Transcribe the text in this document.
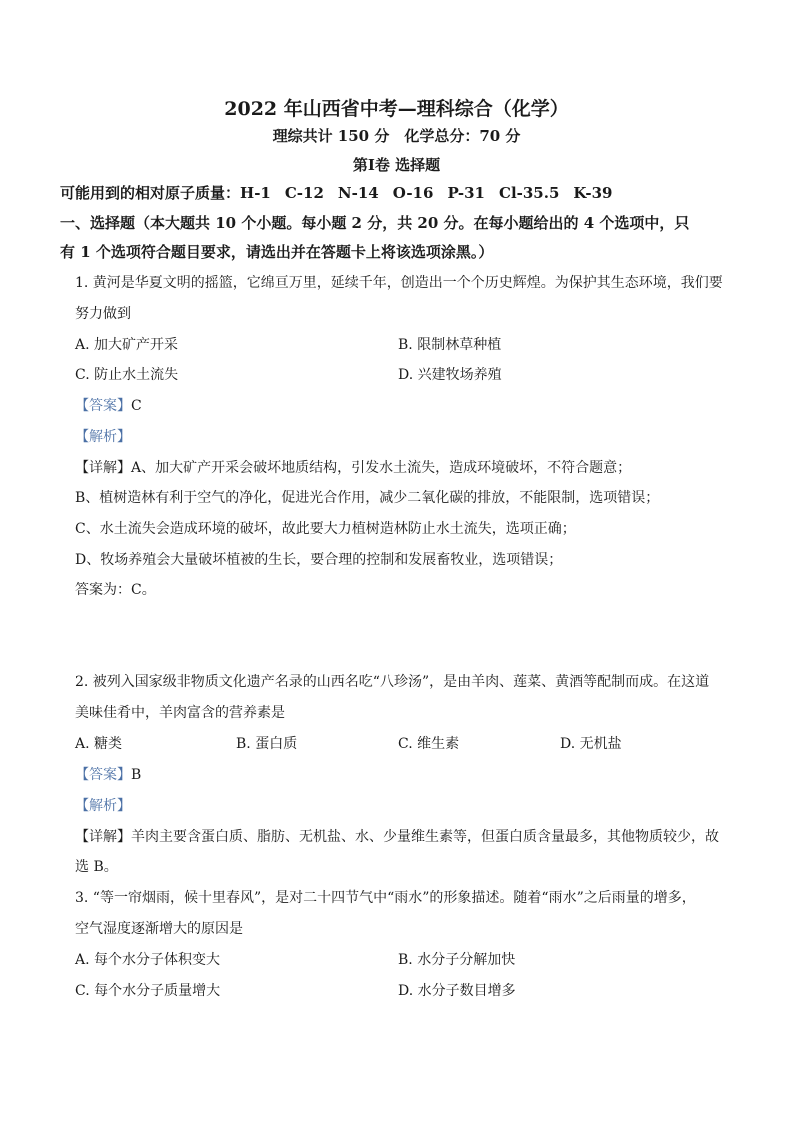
2022 年山西省中考—理科综合（化学）
理综共计 150 分　化学总分：70 分
第I卷 选择题
可能用到的相对原子质量：H-1 C-12 N-14 O-16 P-31 Cl-35.5 K-39
一、选择题（本大题共 10 个小题。每小题 2 分，共 20 分。在每小题给出的 4 个选项中，只
有 1 个选项符合题目要求，请选出并在答题卡上将该选项涂黑。）
1. 黄河是华夏文明的摇篮，它绵亘万里，延续千年，创造出一个个历史辉煌。为保护其生态环境，我们要
努力做到
A. 加大矿产开采	B. 限制林草种植
C. 防止水土流失	D. 兴建牧场养殖
【答案】C
【解析】
【详解】A、加大矿产开采会破坏地质结构，引发水土流失，造成环境破坏，不符合题意；
B、植树造林有利于空气的净化，促进光合作用，减少二氧化碳的排放，不能限制，选项错误；
C、水土流失会造成环境的破坏，故此要大力植树造林防止水土流失，选项正确；
D、牧场养殖会大量破坏植被的生长，要合理的控制和发展畜牧业，选项错误；
答案为：C。
2. 被列入国家级非物质文化遗产名录的山西名吃“八珍汤”，是由羊肉、莲菜、黄酒等配制而成。在这道
美味佳肴中，羊肉富含的营养素是
A. 糖类	B. 蛋白质	C. 维生素	D. 无机盐
【答案】B
【解析】
【详解】羊肉主要含蛋白质、脂肪、无机盐、水、少量维生素等，但蛋白质含量最多，其他物质较少，故
选 B。
3. “等一帘烟雨，候十里春风”，是对二十四节气中“雨水”的形象描述。随着“雨水”之后雨量的增多，
空气湿度逐渐增大的原因是
A. 每个水分子体积变大	B. 水分子分解加快
C. 每个水分子质量增大	D. 水分子数目增多
